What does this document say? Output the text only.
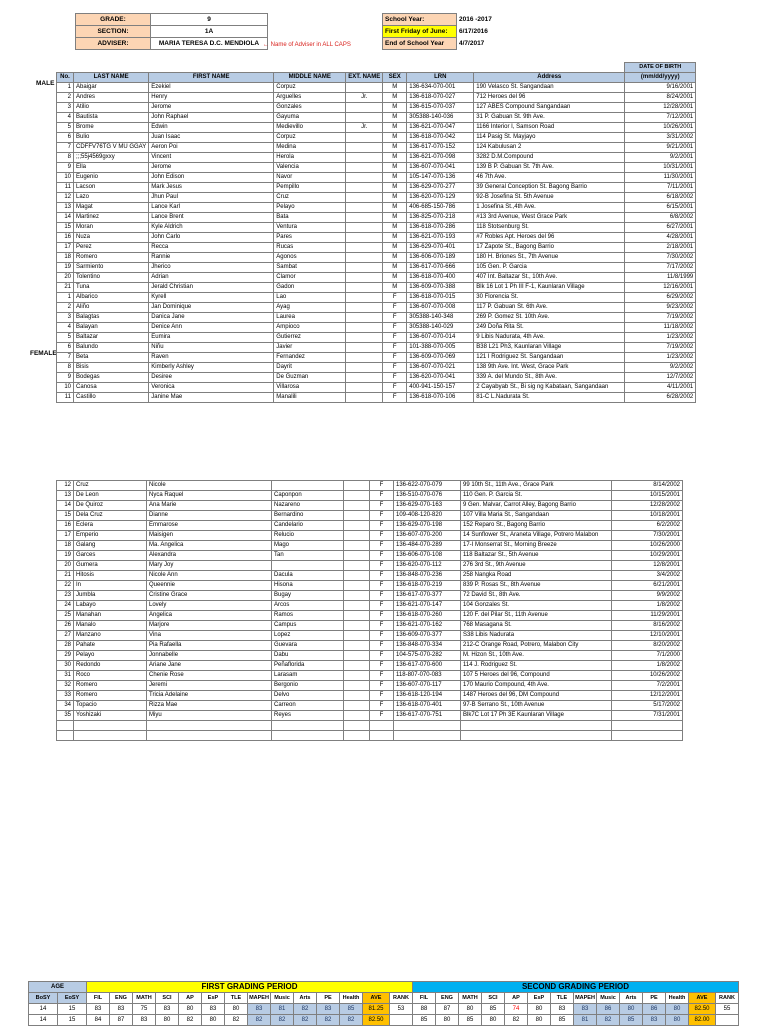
GRADE:	9
SECTION:	1A
ADVISER:	MARIA TERESA D.C. MENDIOLA ← Name of Adviser in ALL CAPS
School Year:	2016 -2017
First Friday of June:	6/17/2016
End of School Year	4/7/2017
MALE
FEMALE
								DATE OF BIRTH
No.	LAST NAME	FIRST NAME	MIDDLE NAME	EXT. NAME	SEX	LRN	Address	(mm/dd/yyyy)
1	Abaigar	Ezekiel	Corpuz		M	136-634-070-001	190 Velasco St. Sangandaan	9/16/2001
2	Andres	Henry	Arguelles	Jr.	M	136-618-070-027	712 Heroes del 96	8/24/2001
3	Atilio	Jerome	Gonzales		M	136-615-070-037	127 ABES Compound Sangandaan	12/28/2001
4	Bautista	John Raphael	Gayuma		M	305388-140-036	31 P. Gabuan St. 9th Ave.	7/12/2001
5	Brome	Edwin	Medievillo	Jr.	M	136-621-070-047	1166 Interior I, Samson Road	10/26/2001
6	Bulio	Juan Isaac	Corpuz		M	136-618-070-042	114 Pasig St. Mayjayo	3/31/2002
7	CDFFV76TG V MU GGAY	Aeron Poi	Medina		M	136-617-070-152	124 Kabulusan 2	9/21/2001
8	;;;55j4569gxxy	Vincent	Herola		M	136-621-070-098	3282 D.M.Compound	9/2/2001
9	Ella	Jerome	Valencia		M	136-607-070-041	139 B P. Gabuan St. 7th Ave.	10/31/2001
10	Eugenio	John Edison	Navor		M	105-147-070-136	46 7th Ave.	11/30/2001
11	Lacson	Mark Jesus	Pempillo		M	136-629-070-277	39 General Conception St. Bagong Barrio	7/11/2001
12	Lazo	Jhun Paul	Cruz		M	136-620-070-129	92-B Josefina St. 5th Avenue	6/18/2002
13	Magat	Lance Karl	Pelayo		M	406-685-150-786	1 Josefina St.,4th Ave.	6/15/2001
14	Martinez	Lance Brent	Bata		M	136-825-070-218	#13 3rd Avenue, West Grace Park	6/8/2002
15	Moran	Kyle Aldrich	Ventura		M	136-618-070-286	118 Stotsenburg St.	6/27/2001
16	Nuza	John Carlo	Pares		M	136-621-070-193	#7 Robles Apt. Heroes del 96	4/28/2001
17	Perez	Recca	Rucas		M	136-629-070-401	17 Zapote St., Bagong Barrio	2/18/2001
18	Romero	Rannie	Agonos		M	136-606-070-189	180 H. Briones St., 7th Avenue	7/30/2002
19	Sarmiento	Jherico	Sambat		M	136-617-070-666	105 Gen. P. Garcia	7/17/2002
20	Tolentino	Adrian	Clamor		M	136-618-070-400	407 Int. Baltazar St., 10th Ave.	11/8/1999
21	Tuna	Jerald Christian	Gadon		M	136-609-070-388	Blk 16 Lot 1 Ph III F-1, Kaunlaran Village	12/16/2001
1	Albarico	Kyrell	Lao		F	136-618-070-015	30 Florencia St.	6/29/2002
2	Aliño	Jan Dominique	Ayag		F	136-607-070-008	117 P. Gabuan St. 6th Ave.	9/23/2002
3	Balagtas	Danica Jane	Laurea		F	305388-140-348	269 P. Gomez St. 10th Ave.	7/19/2002
4	Balayan	Denice Ann	Ampioco		F	305388-140-029	249 Doña Rita St.	11/18/2002
5	Baltazar	Eumira	Gutierrez		F	136-607-070-014	9 Libis Nadurata, 4th Ave.	1/23/2002
6	Balundo	Niñu	Javier		F	101-388-070-005	B38 L21 Ph3, Kaunlaran Village	7/19/2002
7	Beta	Raven	Fernandez		F	136-609-070-069	121 I Rodriguez St. Sangandaan	1/23/2002
8	Bisis	Kimberly Ashley	Dayrit		F	136-607-070-021	138 9th Ave. Int. West, Grace Park	9/2/2002
9	Bodegas	Desiree	De Guzman		F	136-620-070-041	339 A. del Mundo St., 8th Ave.	12/7/2002
10	Canosa	Veronica	Villarosa		F	400-941-150-157	2 Cayabyab St., Bi sig ng Kabataan, Sangandaan	4/11/2001
11	Castillo	Janine Mae	Manalili		F	136-618-070-106	81-C L.Nadurata St.	6/28/2002
12	Cruz	Nicole			F	136-622-070-079	99 10th St., 11th Ave., Grace Park	8/14/2002
13	De Leon	Nyca Raquel	Caponpon		F	136-510-070-076	110 Gen. P. Garcia St.	10/15/2001
14	De Quiroz	Ana Marie	Nazareno		F	136-629-070-163	9 Gen. Malvar, Carrot Alley, Bagong Barrio	12/28/2002
15	Dela Cruz	Dianne	Bernardino		F	109-408-120-820	107 Villa Maria St., Sangandaan	10/18/2001
16	Eclera	Emmarose	Candelario		F	136-629-070-198	152 Reparo St., Bagong Barrio	6/2/2002
17	Emperio	Maisigen	Relucio		F	136-607-070-200	14 Sunflower St., Araneta Village, Potrero Malabon	7/30/2001
18	Galang	Ma. Angelica	Mago		F	136-484-070-289	17-I Monserrat St., Morning Breeze	10/26/2000
19	Garces	Alexandra	Tan		F	136-606-070-108	118 Baltazar St., 5th Avenue	10/29/2001
20	Gumera	Mary Joy			F	136-620-070-112	276 3rd St., 9th Avenue	12/8/2001
21	Hitosis	Nicole Ann	Dacula		F	136-848-070-236	258 Nangka Road	3/4/2002
22	In	Queennie	Hisona		F	136-618-070-219	839 P. Rosas St., 8th Avenue	6/21/2001
23	Jumbla	Cristine Grace	Bugay		F	136-617-070-377	72 David St., 8th Ave.	9/9/2002
24	Labayo	Lovely	Arcos		F	136-621-070-147	104 Gonzales St.	1/8/2002
25	Manahan	Angelica	Ramos		F	136-618-070-260	120 F. del Pilar St., 11th Avenue	11/29/2001
26	Manalo	Marjore	Campus		F	136-621-070-162	768 Masagana St.	8/16/2002
27	Manzano	Vina	Lopez		F	136-609-070-377	S38 Libis Nadurata	12/10/2001
28	Pahate	Pia Rafaella	Guevara		F	136-848-070-334	212-C Orange Road, Potrero, Malabon City	8/20/2002
29	Pelayo	Jonnabelle	Dabu		F	104-575-070-282	M. Hizon St., 10th Ave.	7/1/2000
30	Redondo	Ariane Jane	Peñaflorida		F	136-617-070-600	114 J. Rodriguez St.	1/8/2002
31	Roco	Chenie Rose	Larasam		F	118-807-070-083	107 5 Heroes del 96, Compound	10/26/2002
32	Romero	Jeremi	Bergonio		F	136-607-070-117	170 Maurio Compound, 4th Ave.	7/2/2001
33	Romero	Tricia Adelaine	Delvo		F	136-618-120-194	1487 Heroes del 96, DM Compound	12/12/2001
34	Topacio	Rizza Mae	Carreon		F	136-618-070-401	97-B Serrano St., 10th Avenue	5/17/2002
35	Yoshizaki	Miyu	Reyes		F	136-617-070-751	Blk7C Lot 17 Ph 3E Kaunlaran Village	7/31/2001

AGE		FIRST GRADING PERIOD														SECOND GRADING PERIOD													
BoSY	EoSY	FIL	ENG	MATH	SCI	AP	EsP	TLE	MAPEH	Music	Arts	PE	Health	AVE	RANK	FIL	ENG	MATH	SCI	AP	EsP	TLE	MAPEH	Music	Arts	PE	Health	AVE	RANK
14	15	83	83	75	83	80	83	80	83	81	82	83	85	81.25	53	88	87	80	85	74	80	83	83	86	80	86	80	82.50	55
14	15	84	87	83	80	82	80	82	82	82	82	82	82	82.50		85	80	85	80	82	80	85	81	82	85	83	80	82.00	
